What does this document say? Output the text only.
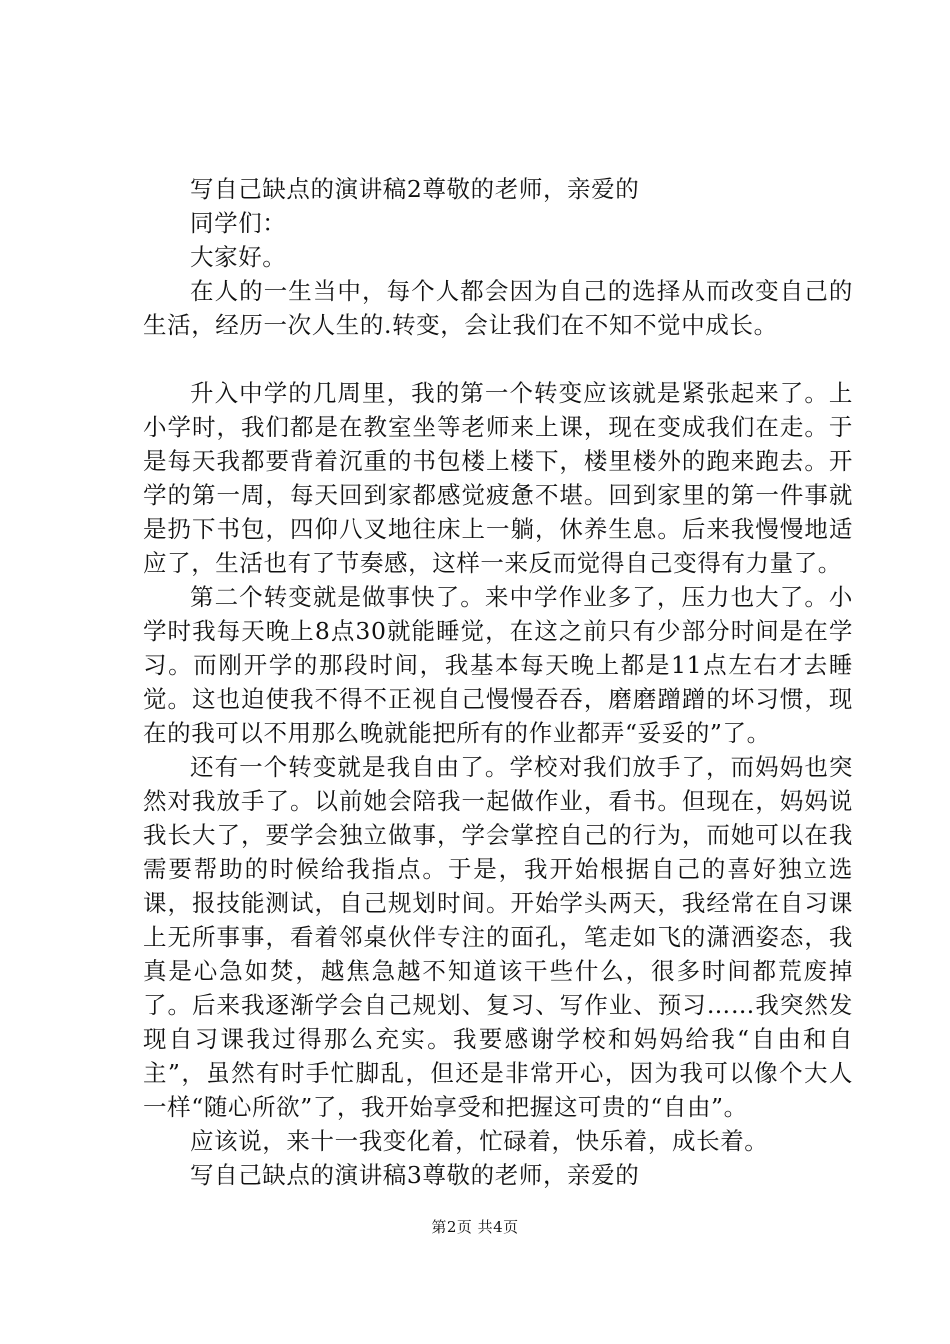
写自己缺点的演讲稿2尊敬的老师，亲爱的

同学们：

大家好。

在人的一生当中，每个人都会因为自己的选择从而改变自己的生活，经历一次人生的.转变，会让我们在不知不觉中成长。

升入中学的几周里，我的第一个转变应该就是紧张起来了。上小学时，我们都是在教室坐等老师来上课，现在变成我们在走。于是每天我都要背着沉重的书包楼上楼下，楼里楼外的跑来跑去。开学的第一周，每天回到家都感觉疲惫不堪。回到家里的第一件事就是扔下书包，四仰八叉地往床上一躺，休养生息。后来我慢慢地适应了，生活也有了节奏感，这样一来反而觉得自己变得有力量了。

第二个转变就是做事快了。来中学作业多了，压力也大了。小学时我每天晚上8点30就能睡觉，在这之前只有少部分时间是在学习。而刚开学的那段时间，我基本每天晚上都是11点左右才去睡觉。这也迫使我不得不正视自己慢慢吞吞，磨磨蹭蹭的坏习惯，现在的我可以不用那么晚就能把所有的作业都弄“妥妥的”了。

还有一个转变就是我自由了。学校对我们放手了，而妈妈也突然对我放手了。以前她会陪我一起做作业，看书。但现在，妈妈说我长大了，要学会独立做事，学会掌控自己的行为，而她可以在我需要帮助的时候给我指点。于是，我开始根据自己的喜好独立选课，报技能测试，自己规划时间。开始学头两天，我经常在自习课上无所事事，看着邻桌伙伴专注的面孔，笔走如飞的潇洒姿态，我真是心急如焚，越焦急越不知道该干些什么，很多时间都荒废掉了。后来我逐渐学会自己规划、复习、写作业、预习……我突然发现自习课我过得那么充实。我要感谢学校和妈妈给我“自由和自主”，虽然有时手忙脚乱，但还是非常开心，因为我可以像个大人一样“随心所欲”了，我开始享受和把握这可贵的“自由”。

应该说，来十一我变化着，忙碌着，快乐着，成长着。

写自己缺点的演讲稿3尊敬的老师，亲爱的

第2页 共4页
